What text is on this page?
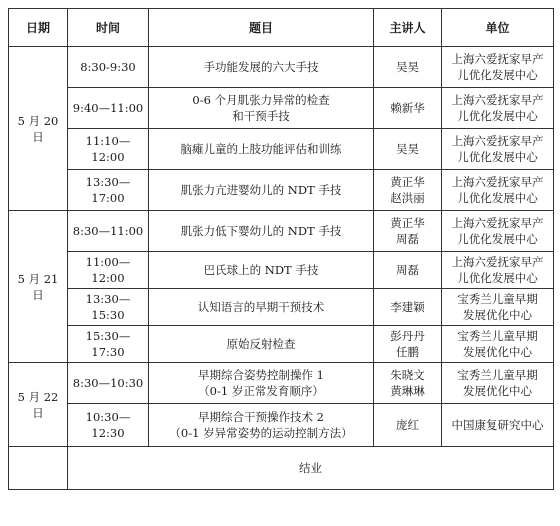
日期	时间	题目	主讲人	单位
5 月 20 日	8:30-9:30	手功能发展的六大手技	吴昊	上海六爱抚家早产
儿优化发展中心

	9:40—11:00	0-6 个月肌张力异常的检查
和干预手技	赖新华	上海六爱抚家早产
儿优化发展中心

	11:10—12:00	脑瘫儿童的上肢功能评估和训练	吴昊	上海六爱抚家早产
儿优化发展中心

	13:30—17:00	肌张力亢进婴幼儿的 NDT 手技	黄正华
赵洪丽	上海六爱抚家早产
儿优化发展中心

5 月 21 日	8:30—11:00	肌张力低下婴幼儿的 NDT 手技	黄正华
周磊	上海六爱抚家早产
儿优化发展中心

	11:00—12:00	巴氏球上的 NDT 手技	周磊	上海六爱抚家早产
儿优化发展中心

	13:30—15:30	认知语言的早期干预技术	李建颖	宝秀兰儿童早期
发展优化中心

	15:30—17:30	原始反射检查	彭丹丹
任鹏	宝秀兰儿童早期
发展优化中心

5 月 22 日	8:30—10:30	早期综合姿势控制操作 1
（0-1 岁正常发育顺序）	朱晓文
黄琳琳	宝秀兰儿童早期
发展优化中心

	10:30—12:30	早期综合干预操作技术 2
（0-1 岁异常姿势的运动控制方法）	庞红	中国康复研究中心

	结业			
